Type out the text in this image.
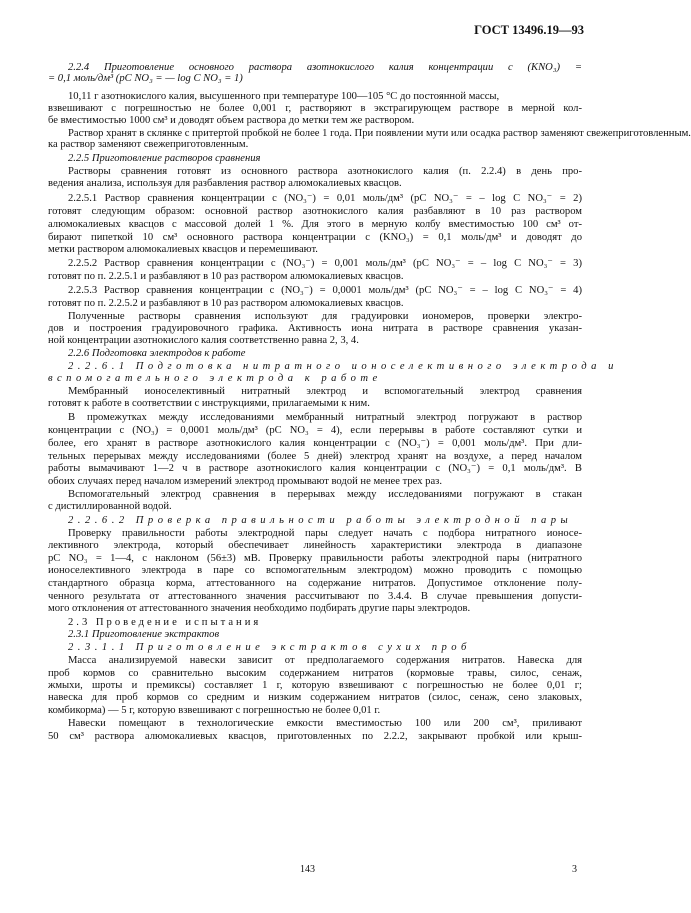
ГОСТ 13496.19—93
2.2.4 Приготовление основного раствора азотнокислого калия концентрации c (KNO₃) =
= 0,1 моль/дм³ (pC NO₃ = — log C NO₃ = 1)
10,11 г азотнокислого калия, высушенного при температуре 100—105 °С до постоянной массы,
взвешивают с погрешностью не более 0,001 г, растворяют в экстрагирующем растворе в мерной кол-
бе вместимостью 1000 см³ и доводят объем раствора до метки тем же раствором.
Раствор хранят в склянке с притертой пробкой не более 1 года. При появлении мути или осадка раствор заменяют свежеприготовленным.
ка раствор заменяют свежеприготовленным.
2.2.5 Приготовление растворов сравнения
Растворы сравнения готовят из основного раствора азотнокислого калия (п. 2.2.4) в день про-
ведения анализа, используя для разбавления раствор алюмокалиевых квасцов.
2.2.5.1 Раствор сравнения концентрации c (NO₃⁻) = 0,01 моль/дм³ (pC NO₃⁻ = – log C NO₃⁻ = 2)
готовят следующим образом: основной раствор азотнокислого калия разбавляют в 10 раз раствором
алюмокалиевых квасцов с массовой долей 1 %. Для этого в мерную колбу вместимостью 100 см³ от-
бирают пипеткой 10 см³ основного раствора концентрации c (KNO₃) = 0,1 моль/дм³ и доводят до
метки раствором алюмокалиевых квасцов и перемешивают.
2.2.5.2 Раствор сравнения концентрации c (NO₃⁻) = 0,001 моль/дм³ (pC NO₃⁻ = – log C NO₃⁻ = 3)
готовят по п. 2.2.5.1 и разбавляют в 10 раз раствором алюмокалиевых квасцов.
2.2.5.3 Раствор сравнения концентрации c (NO₃⁻) = 0,0001 моль/дм³ (pC NO₃⁻ = – log C NO₃⁻ = 4)
готовят по п. 2.2.5.2 и разбавляют в 10 раз раствором алюмокалиевых квасцов.
Полученные растворы сравнения используют для градуировки иономеров, проверки электро-
дов и построения градуировочного графика. Активность иона нитрата в растворе сравнения указан-
ной концентрации азотнокислого калия соответственно равна 2, 3, 4.
2.2.6 Подготовка электродов к работе
2.2.6.1 Подготовка нитратного ионоселективного электрода и
вспомогательного электрода к работе
Мембранный ионоселективный нитратный электрод и вспомогательный электрод сравнения
готовят к работе в соответствии с инструкциями, прилагаемыми к ним.
В промежутках между исследованиями мембранный нитратный электрод погружают в раствор
концентрации c (NO₃) = 0,0001 моль/дм³ (pC NO₃ = 4), если перерывы в работе составляют сутки и
более, его хранят в растворе азотнокислого калия концентрации c (NO₃⁻) = 0,001 моль/дм³. При дли-
тельных перерывах между исследованиями (более 5 дней) электрод хранят на воздухе, а перед началом
работы вымачивают 1—2 ч в растворе азотнокислого калия концентрации c (NO₃⁻) = 0,1 моль/дм³. В
обоих случаях перед началом измерений электрод промывают водой не менее трех раз.
Вспомогательный электрод сравнения в перерывах между исследованиями погружают в стакан
с дистиллированной водой.
2.2.6.2 Проверка правильности работы электродной пары
Проверку правильности работы электродной пары следует начать с подбора нитратного ионосе-
лективного электрода, который обеспечивает линейность характеристики электрода в диапазоне
pC NO₃ = 1—4, с наклоном (56±3) мВ. Проверку правильности работы электродной пары (нитратного
ионоселективного электрода в паре со вспомогательным электродом) можно проводить с помощью
стандартного образца корма, аттестованного на содержание нитратов. Допустимое отклонение полу-
ченного результата от аттестованного значения рассчитывают по 3.4.4. В случае превышения допусти-
мого отклонения от аттестованного значения необходимо подбирать другие пары электродов.
2.3 Проведение испытания
2.3.1 Приготовление экстрактов
2.3.1.1 Приготовление экстрактов сухих проб
Масса анализируемой навески зависит от предполагаемого содержания нитратов. Навеска для
проб кормов со сравнительно высоким содержанием нитратов (кормовые травы, силос, сенаж,
жмыхи, шроты и премиксы) составляет 1 г, которую взвешивают с погрешностью не более 0,01 г;
навеска для проб кормов со средним и низким содержанием нитратов (силос, сенаж, сено злаковых,
комбикорма) — 5 г, которую взвешивают с погрешностью не более 0,01 г.
Навески помещают в технологические емкости вместимостью 100 или 200 см³, приливают
50 см³ раствора алюмокалиевых квасцов, приготовленных по 2.2.2, закрывают пробкой или крыш-
143	3
